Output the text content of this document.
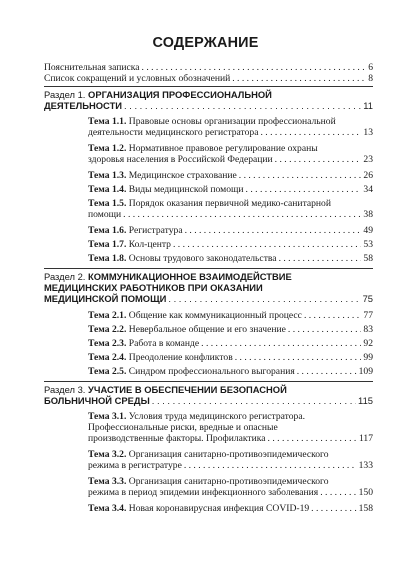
СОДЕРЖАНИЕ
Пояснительная записка . . .	6
Список сокращений и условных обозначений . . .	8
Раздел 1. ОРГАНИЗАЦИЯ ПРОФЕССИОНАЛЬНОЙ
ДЕЯТЕЛЬНОСТИ . . .	11
Тема 1.1. Правовые основы организации профессиональной
деятельности медицинского регистратора . . .	13
Тема 1.2. Нормативное правовое регулирование охраны
здоровья населения в Российской Федерации . . .	23
Тема 1.3. Медицинское страхование . . .	26
Тема 1.4. Виды медицинской помощи . . .	34
Тема 1.5. Порядок оказания первичной медико-санитарной
помощи . . .	38
Тема 1.6. Регистратура . . .	49
Тема 1.7. Кол-центр . . .	53
Тема 1.8. Основы трудового законодательства . . .	58
Раздел 2. КОММУНИКАЦИОННОЕ ВЗАИМОДЕЙСТВИЕ
МЕДИЦИНСКИХ РАБОТНИКОВ ПРИ ОКАЗАНИИ
МЕДИЦИНСКОЙ ПОМОЩИ . . .	75
Тема 2.1. Общение как коммуникационный процесс . . .	77
Тема 2.2. Невербальное общение и его значение . . .	83
Тема 2.3. Работа в команде . . .	92
Тема 2.4. Преодоление конфликтов . . .	99
Тема 2.5. Синдром профессионального выгорания . . .	109
Раздел 3. УЧАСТИЕ В ОБЕСПЕЧЕНИИ БЕЗОПАСНОЙ
БОЛЬНИЧНОЙ СРЕДЫ . . .	115
Тема 3.1. Условия труда медицинского регистратора.
Профессиональные риски, вредные и опасные
производственные факторы. Профилактика . . .	117
Тема 3.2. Организация санитарно-противоэпидемического
режима в регистратуре . . .	133
Тема 3.3. Организация санитарно-противоэпидемического
режима в период эпидемии инфекционного заболевания . . .	150
Тема 3.4. Новая коронавирусная инфекция COVID-19 . . .	158
